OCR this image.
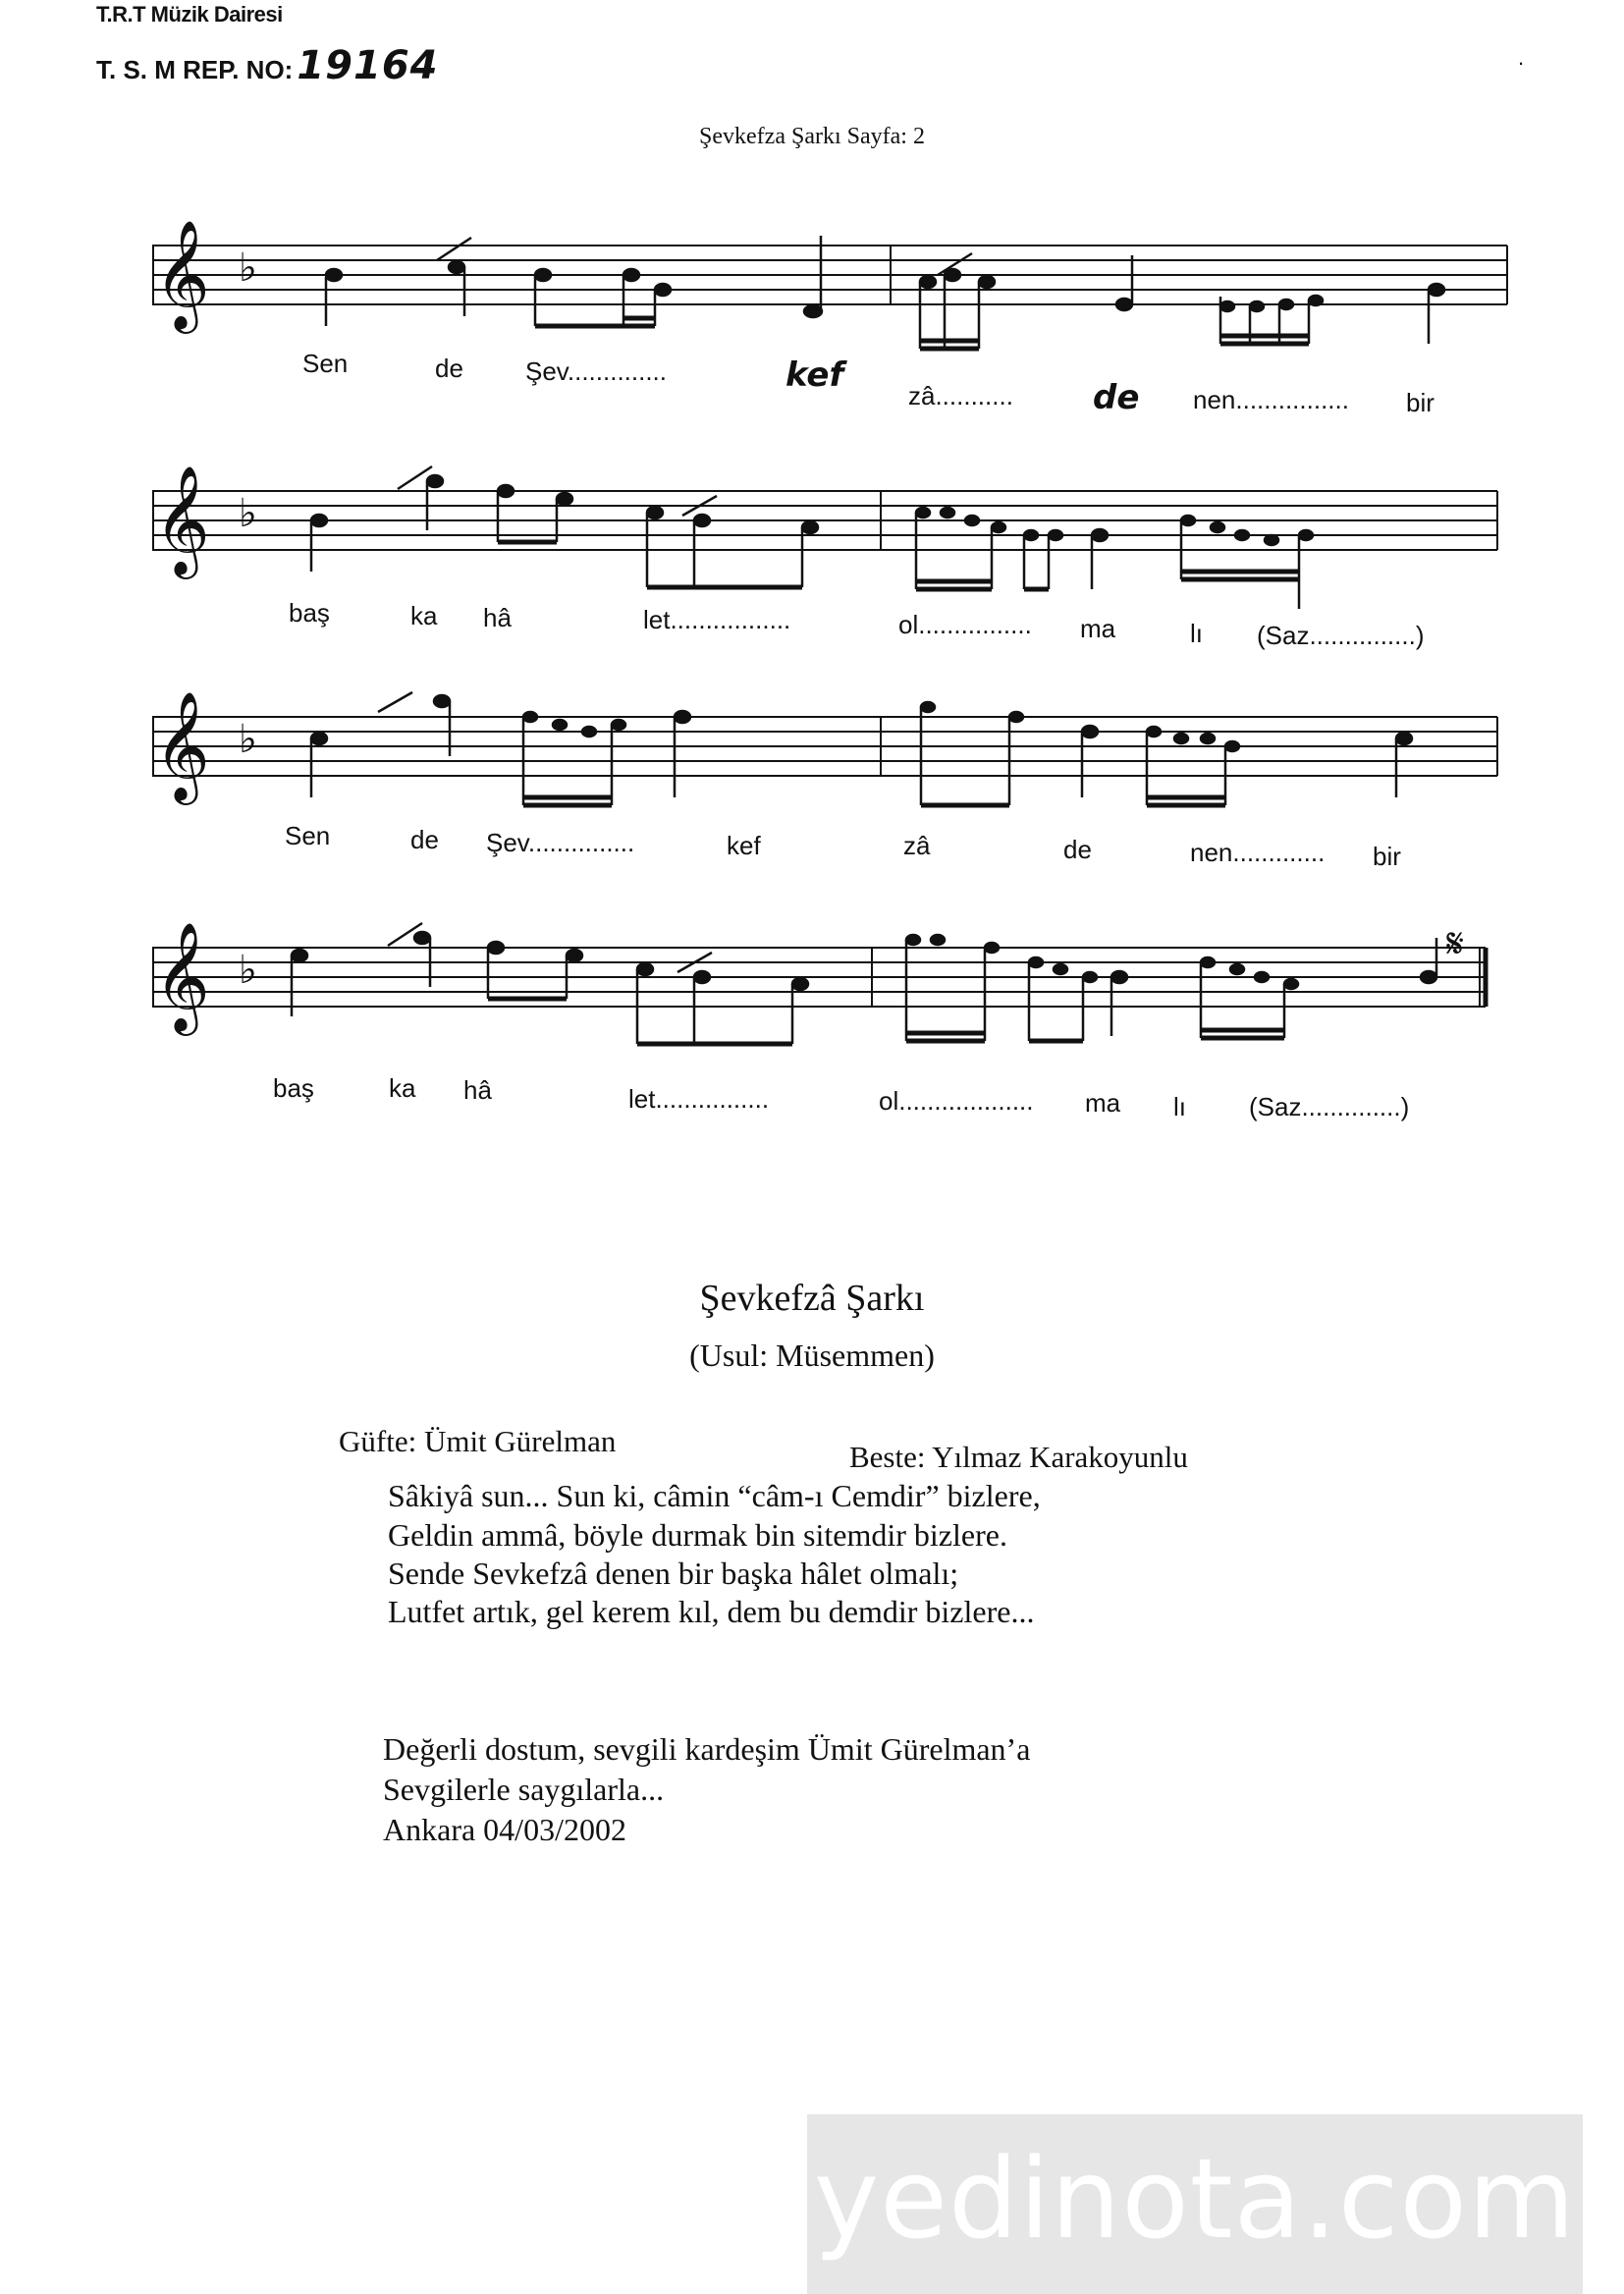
T.R.T Müzik Dairesi
T. S. M REP. NO: 19164	.
Şevkefza Şarkı Sayfa: 2
𝄞 ♭
Sen	de Şev..............	kef
zâ........... de nen................ bir
𝄞 ♭
baş	ka hâ	let.................	ol................ ma	lı (Saz...............)
𝄞 ♭
Sen	de Şev...............	kef	zâ	de	nen............. bir
𝄞 ♭
𝄋
baş	ka hâ	let................	ol................... ma lı (Saz..............)
Şevkefzâ Şarkı
(Usul: Müsemmen)
Güfte: Ümit Gürelman	Beste: Yılmaz Karakoyunlu
Sâkiyâ sun... Sun ki, câmin “câm-ı Cemdir” bizlere,
Geldin ammâ, böyle durmak bin sitemdir bizlere.
Sende Sevkefzâ denen bir başka hâlet olmalı;
Lutfet artık, gel kerem kıl, dem bu demdir bizlere...
Değerli dostum, sevgili kardeşim Ümit Gürelman’a
Sevgilerle saygılarla...
Ankara 04/03/2002
yedinota.com
